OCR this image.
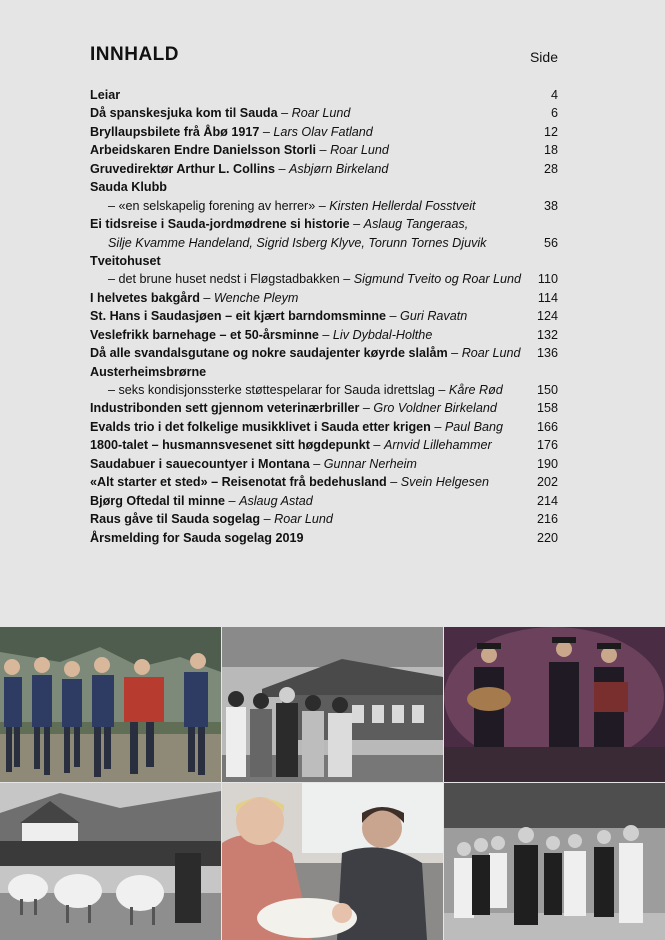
INNHALD	Side
Leiar	4
Då spanskesjuka kom til Sauda – Roar Lund	6
Bryllaupsbilete frå Åbø 1917 – Lars Olav Fatland	12
Arbeidskaren Endre Danielsson Storli – Roar Lund	18
Gruvedirektør Arthur L. Collins – Asbjørn Birkeland	28
Sauda Klubb
– «en selskapelig forening av herrer» – Kirsten Hellerdal Fosstveit	38
Ei tidsreise i Sauda-jordmødrene si historie – Aslaug Tangeraas,
Silje Kvamme Handeland, Sigrid Isberg Klyve, Torunn Tornes Djuvik	56
Tveitohuset
– det brune huset nedst i Fløgstadbakken – Sigmund Tveito og Roar Lund 110
I helvetes bakgård – Wenche Pleym	114
St. Hans i Saudasjøen – eit kjært barndomsminne – Guri Ravatn	124
Veslefrikk barnehage – et 50-årsminne – Liv Dybdal-Holthe	132
Då alle svandalsgutane og nokre saudajenter køyrde slalåm – Roar Lund 136
Austerheimsbrørne
– seks kondisjonssterke støttespelarar for Sauda idrettslag – Kåre Rød	150
Industribonden sett gjennom veterinærbriller – Gro Voldner Birkeland	158
Evalds trio i det folkelige musikklivet i Sauda etter krigen – Paul Bang	166
1800-talet – husmannsvesenet sitt høgdepunkt – Arnvid Lillehammer	176
Saudabuer i sauecountyer i Montana – Gunnar Nerheim	190
«Alt starter et sted» – Reisenotat frå bedehusland – Svein Helgesen	202
Bjørg Oftedal til minne – Aslaug Astad	214
Raus gåve til Sauda sogelag – Roar Lund	216
Årsmelding for Sauda sogelag 2019	220
